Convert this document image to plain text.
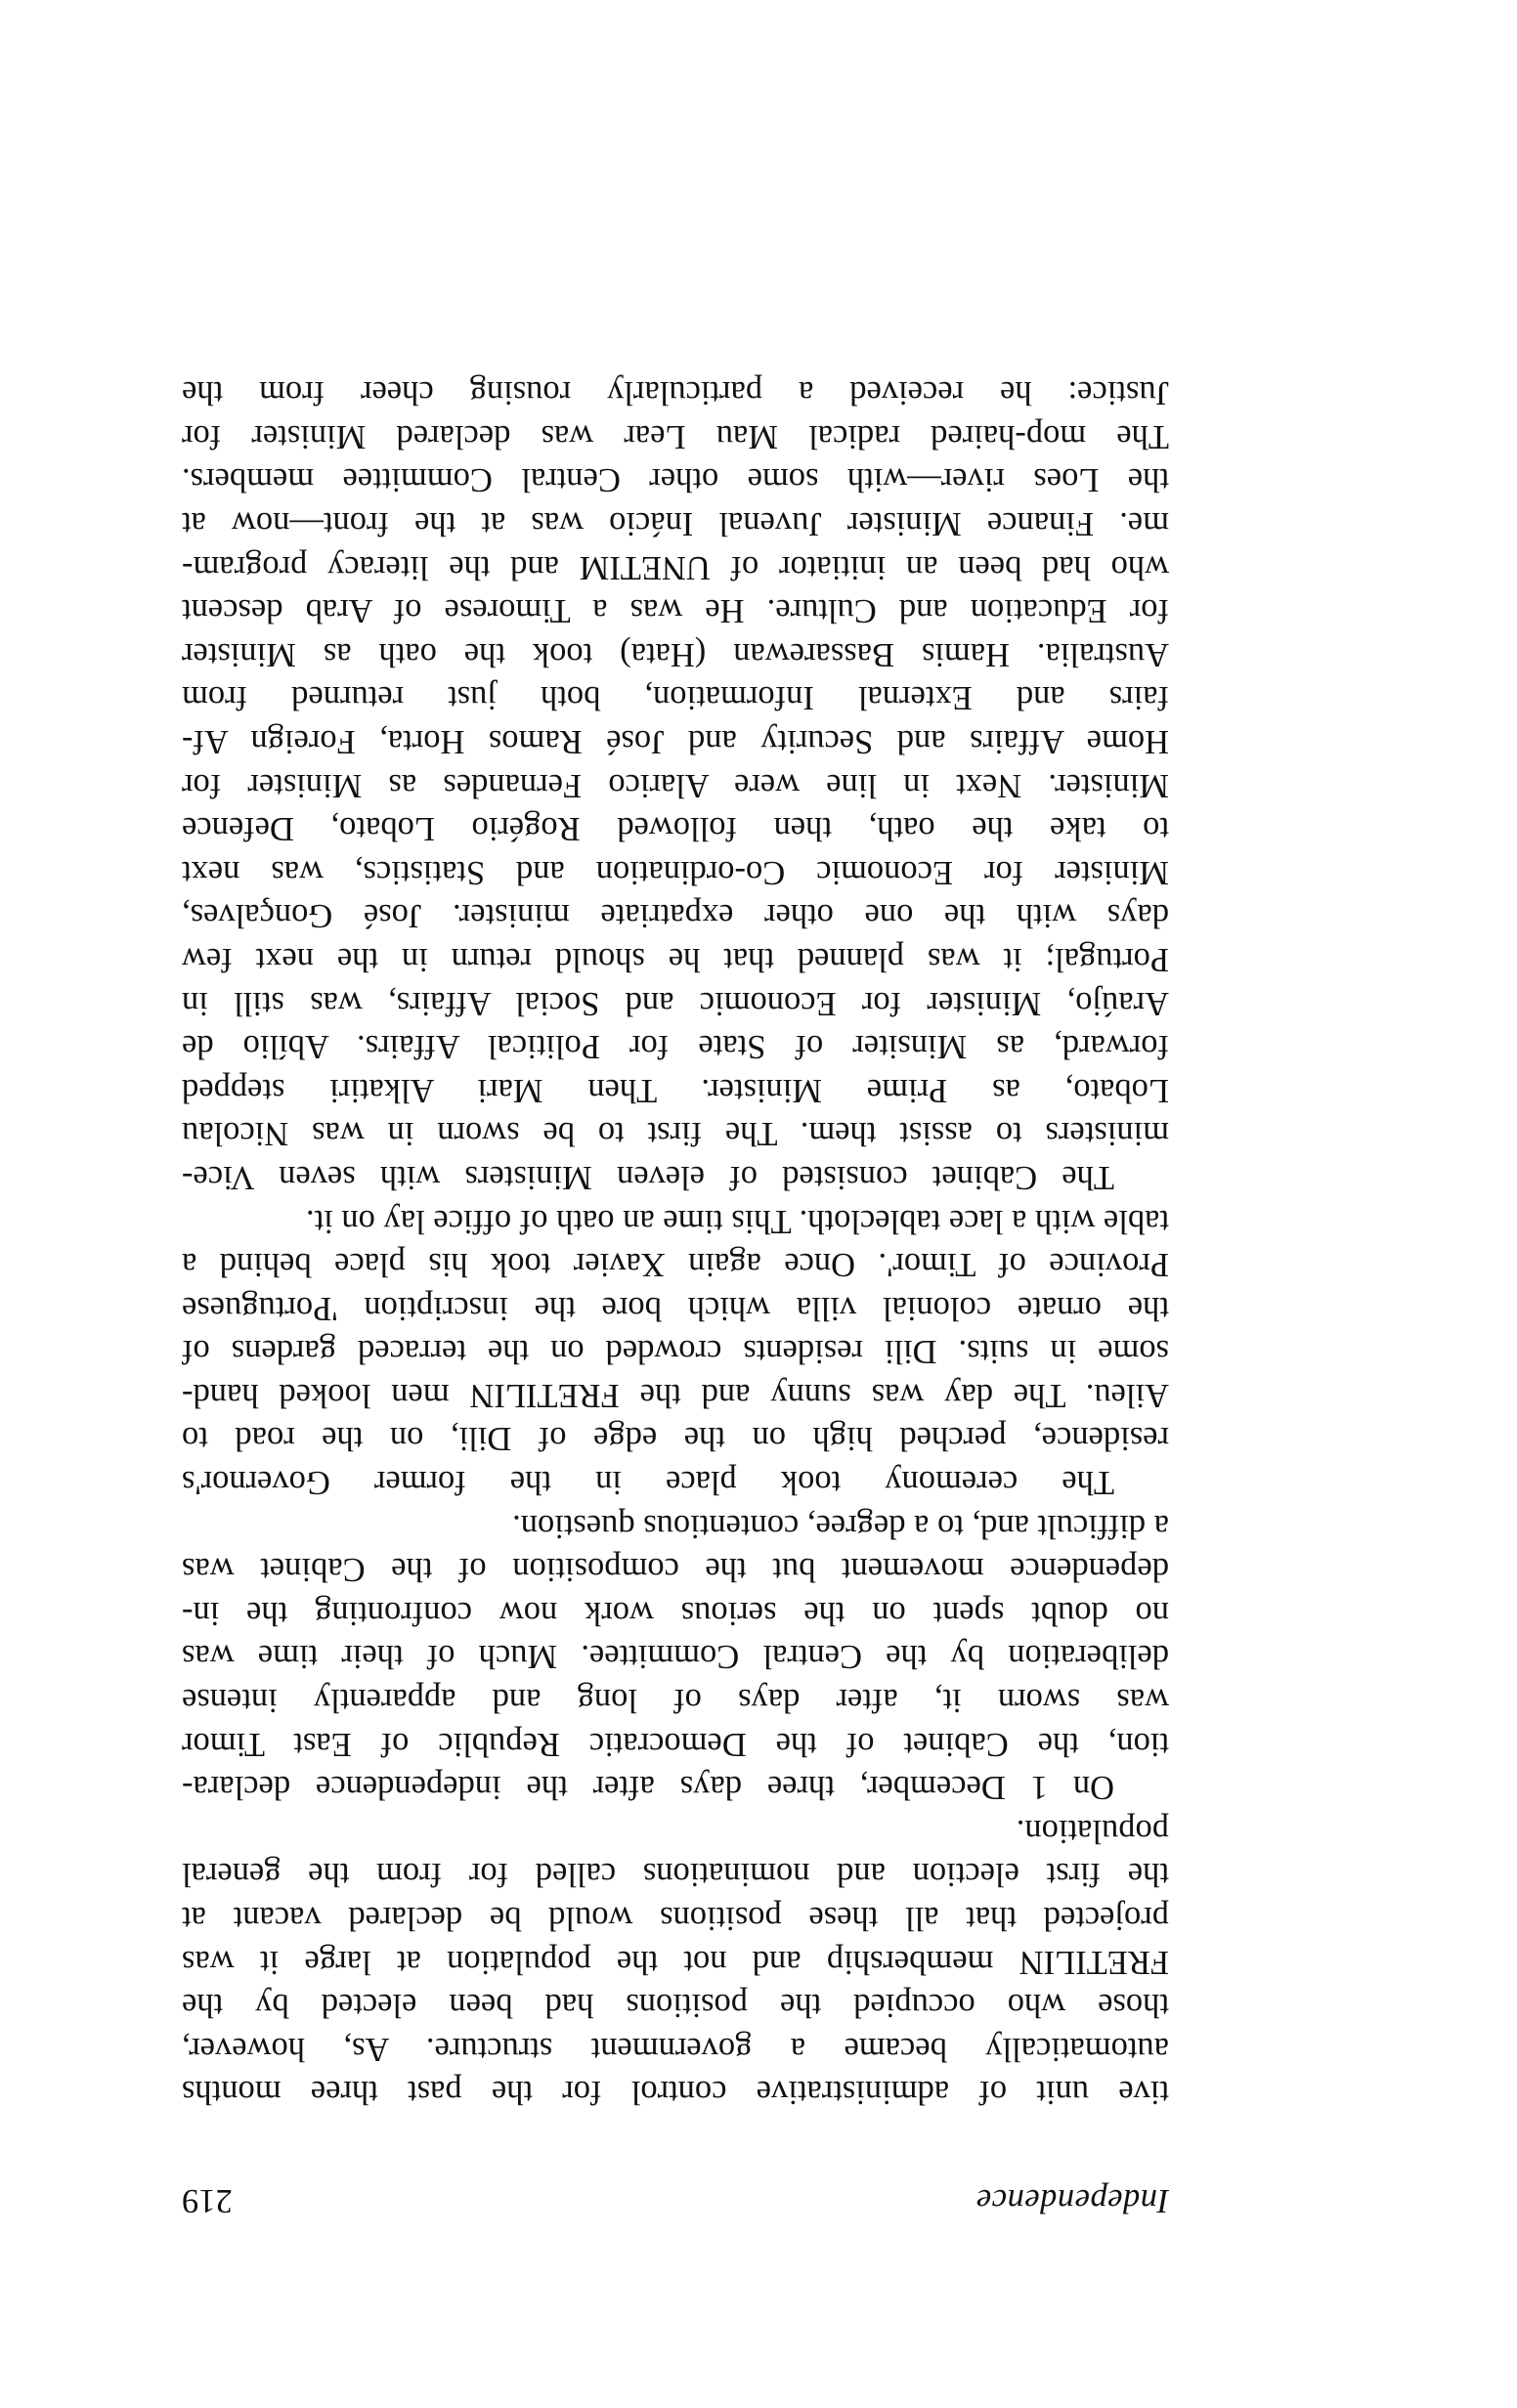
Independence
219
tive unit of administrative control for the past three months
automatically became a government structure. As, however,
those who occupied the positions had been elected by the
FRETILIN membership and not the population at large it was
projected that all these positions would be declared vacant at
the first election and nominations called for from the general
population.
On 1 December, three days after the independence declara-
tion, the Cabinet of the Democratic Republic of East Timor
was sworn it, after days of long and apparently intense
deliberation by the Central Committee. Much of their time was
no doubt spent on the serious work now confronting the in-
dependence movement but the composition of the Cabinet was
a difficult and, to a degree, contentious question.
The ceremony took place in the former Governor's
residence, perched high on the edge of Dili, on the road to
Aileu. The day was sunny and the FRETILIN men looked hand-
some in suits. Dili residents crowded on the terraced gardens of
the ornate colonial villa which bore the inscription 'Portuguese
Province of Timor'. Once again Xavier took his place behind a
table with a lace tablecloth. This time an oath of office lay on it.
The Cabinet consisted of eleven Ministers with seven Vice-
ministers to assist them. The first to be sworn in was Nicolau
Lobato, as Prime Minister. Then Mari Alkatiri stepped
forward, as Minsiter of State for Political Affairs. Abílio de
Araújo, Minister for Economic and Social Affairs, was still in
Portugal; it was planned that he should return in the next few
days with the one other expatriate minister. José Gonçalves,
Minister for Economic Co-ordination and Statistics, was next
to take the oath, then followed Rogério Lobato, Defence
Minister. Next in line were Alarico Fernandes as Minister for
Home Affairs and Security and José Ramos Horta, Foreign Af-
fairs and External Information, both just returned from
Australia. Hamis Bassarewan (Hata) took the oath as Minister
for Education and Culture. He was a Timorese of Arab descent
who had been an initiator of UNETIM and the literacy program-
me. Finance Minister Juvenal Inácio was at the front—now at
the Loes river—with some other Central Committee members.
The mop-haired radical Mau Lear was declared Minister for
Justice: he received a particularly rousing cheer from the
